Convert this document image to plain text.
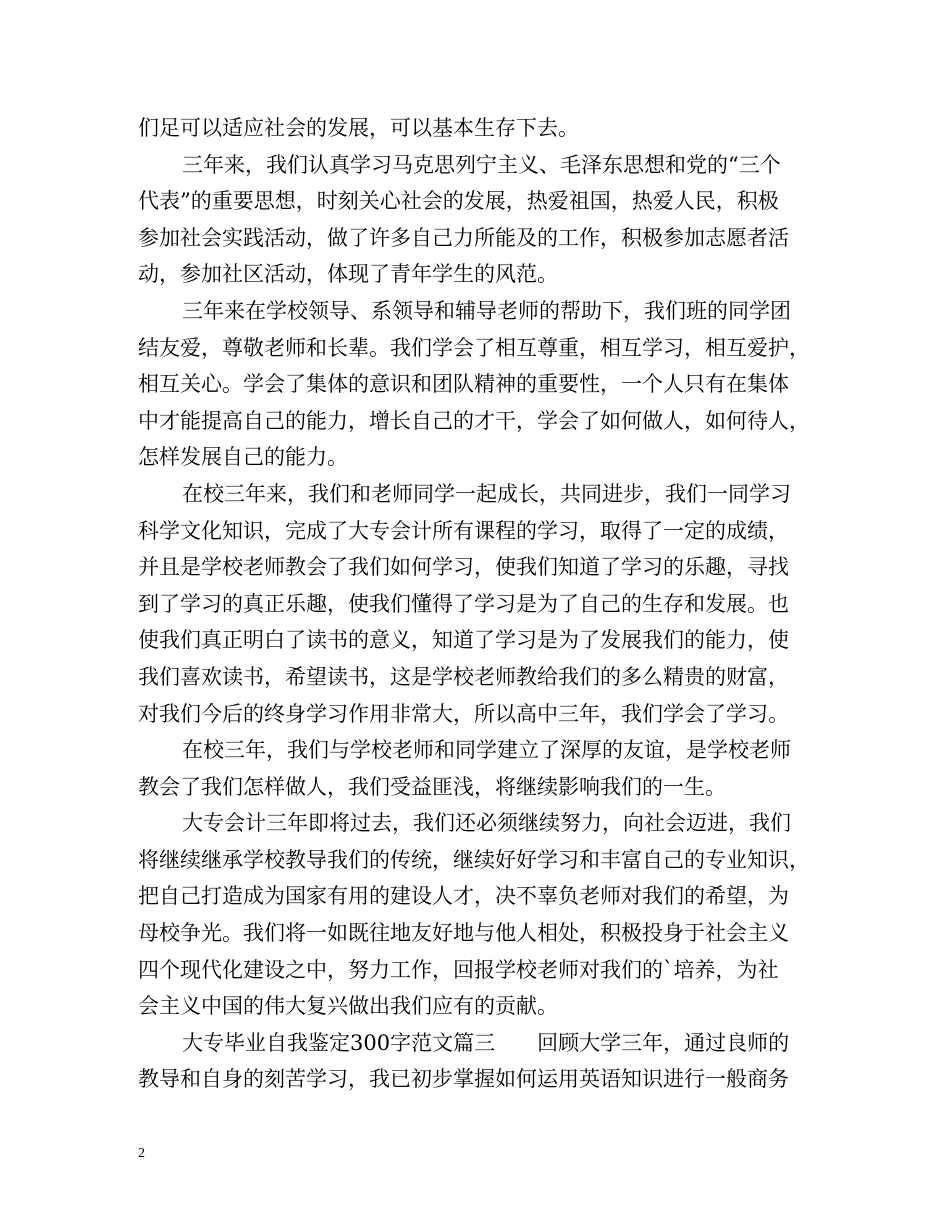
们足可以适应社会的发展，可以基本生存下去。
三年来，我们认真学习马克思列宁主义、毛泽东思想和党的“三个
代表”的重要思想，时刻关心社会的发展，热爱祖国，热爱人民，积极
参加社会实践活动，做了许多自己力所能及的工作，积极参加志愿者活
动，参加社区活动，体现了青年学生的风范。
三年来在学校领导、系领导和辅导老师的帮助下，我们班的同学团
结友爱，尊敬老师和长辈。我们学会了相互尊重，相互学习，相互爱护，
相互关心。学会了集体的意识和团队精神的重要性，一个人只有在集体
中才能提高自己的能力，增长自己的才干，学会了如何做人，如何待人，
怎样发展自己的能力。
在校三年来，我们和老师同学一起成长，共同进步，我们一同学习
科学文化知识，完成了大专会计所有课程的学习，取得了一定的成绩，
并且是学校老师教会了我们如何学习，使我们知道了学习的乐趣，寻找
到了学习的真正乐趣，使我们懂得了学习是为了自己的生存和发展。也
使我们真正明白了读书的意义，知道了学习是为了发展我们的能力，使
我们喜欢读书，希望读书，这是学校老师教给我们的多么精贵的财富，
对我们今后的终身学习作用非常大，所以高中三年，我们学会了学习。
在校三年，我们与学校老师和同学建立了深厚的友谊，是学校老师
教会了我们怎样做人，我们受益匪浅，将继续影响我们的一生。
大专会计三年即将过去，我们还必须继续努力，向社会迈进，我们
将继续继承学校教导我们的传统，继续好好学习和丰富自己的专业知识，
把自己打造成为国家有用的建设人才，决不辜负老师对我们的希望，为
母校争光。我们将一如既往地友好地与他人相处，积极投身于社会主义
四个现代化建设之中，努力工作，回报学校老师对我们的`培养，为社
会主义中国的伟大复兴做出我们应有的贡献。
大专毕业自我鉴定300字范文篇三　　回顾大学三年，通过良师的
教导和自身的刻苦学习，我已初步掌握如何运用英语知识进行一般商务
2
